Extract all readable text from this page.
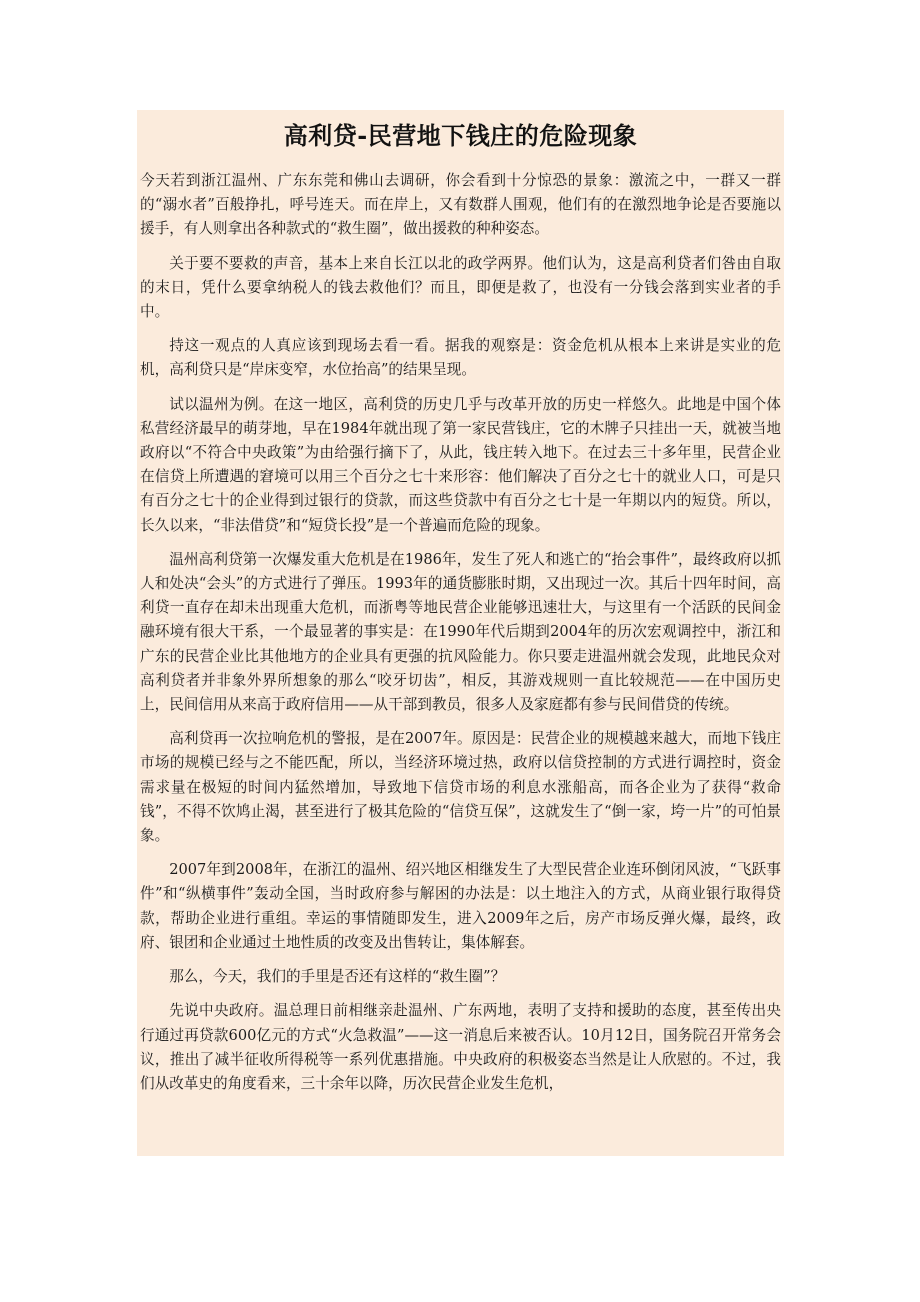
高利贷-民营地下钱庄的危险现象

今天若到浙江温州、广东东莞和佛山去调研，你会看到十分惊恐的景象：激流之中，一群又一群的“溺水者”百般挣扎，呼号连天。而在岸上，又有数群人围观，他们有的在激烈地争论是否要施以援手，有人则拿出各种款式的“救生圈”，做出援救的种种姿态。

关于要不要救的声音，基本上来自长江以北的政学两界。他们认为，这是高利贷者们咎由自取的末日，凭什么要拿纳税人的钱去救他们？而且，即便是救了，也没有一分钱会落到实业者的手中。

持这一观点的人真应该到现场去看一看。据我的观察是：资金危机从根本上来讲是实业的危机，高利贷只是“岸床变窄，水位抬高”的结果呈现。

试以温州为例。在这一地区，高利贷的历史几乎与改革开放的历史一样悠久。此地是中国个体私营经济最早的萌芽地，早在1984年就出现了第一家民营钱庄，它的木牌子只挂出一天，就被当地政府以“不符合中央政策”为由给强行摘下了，从此，钱庄转入地下。在过去三十多年里，民营企业在信贷上所遭遇的窘境可以用三个百分之七十来形容：他们解决了百分之七十的就业人口，可是只有百分之七十的企业得到过银行的贷款，而这些贷款中有百分之七十是一年期以内的短贷。所以，长久以来，“非法借贷”和“短贷长投”是一个普遍而危险的现象。

温州高利贷第一次爆发重大危机是在1986年，发生了死人和逃亡的“抬会事件”，最终政府以抓人和处决“会头”的方式进行了弹压。1993年的通货膨胀时期，又出现过一次。其后十四年时间，高利贷一直存在却未出现重大危机，而浙粤等地民营企业能够迅速壮大，与这里有一个活跃的民间金融环境有很大干系，一个最显著的事实是：在1990年代后期到2004年的历次宏观调控中，浙江和广东的民营企业比其他地方的企业具有更强的抗风险能力。你只要走进温州就会发现，此地民众对高利贷者并非象外界所想象的那么“咬牙切齿”，相反，其游戏规则一直比较规范——在中国历史上，民间信用从来高于政府信用——从干部到教员，很多人及家庭都有参与民间借贷的传统。

高利贷再一次拉响危机的警报，是在2007年。原因是：民营企业的规模越来越大，而地下钱庄市场的规模已经与之不能匹配，所以，当经济环境过热，政府以信贷控制的方式进行调控时，资金需求量在极短的时间内猛然增加，导致地下信贷市场的利息水涨船高，而各企业为了获得“救命钱”，不得不饮鸠止渴，甚至进行了极其危险的“信贷互保”，这就发生了“倒一家，垮一片”的可怕景象。

2007年到2008年，在浙江的温州、绍兴地区相继发生了大型民营企业连环倒闭风波，“飞跃事件”和“纵横事件”轰动全国，当时政府参与解困的办法是：以土地注入的方式，从商业银行取得贷款，帮助企业进行重组。幸运的事情随即发生，进入2009年之后，房产市场反弹火爆，最终，政府、银团和企业通过土地性质的改变及出售转让，集体解套。

那么，今天，我们的手里是否还有这样的“救生圈”？

先说中央政府。温总理日前相继亲赴温州、广东两地，表明了支持和援助的态度，甚至传出央行通过再贷款600亿元的方式“火急救温”——这一消息后来被否认。10月12日，国务院召开常务会议，推出了减半征收所得税等一系列优惠措施。中央政府的积极姿态当然是让人欣慰的。不过，我们从改革史的角度看来，三十余年以降，历次民营企业发生危机，
